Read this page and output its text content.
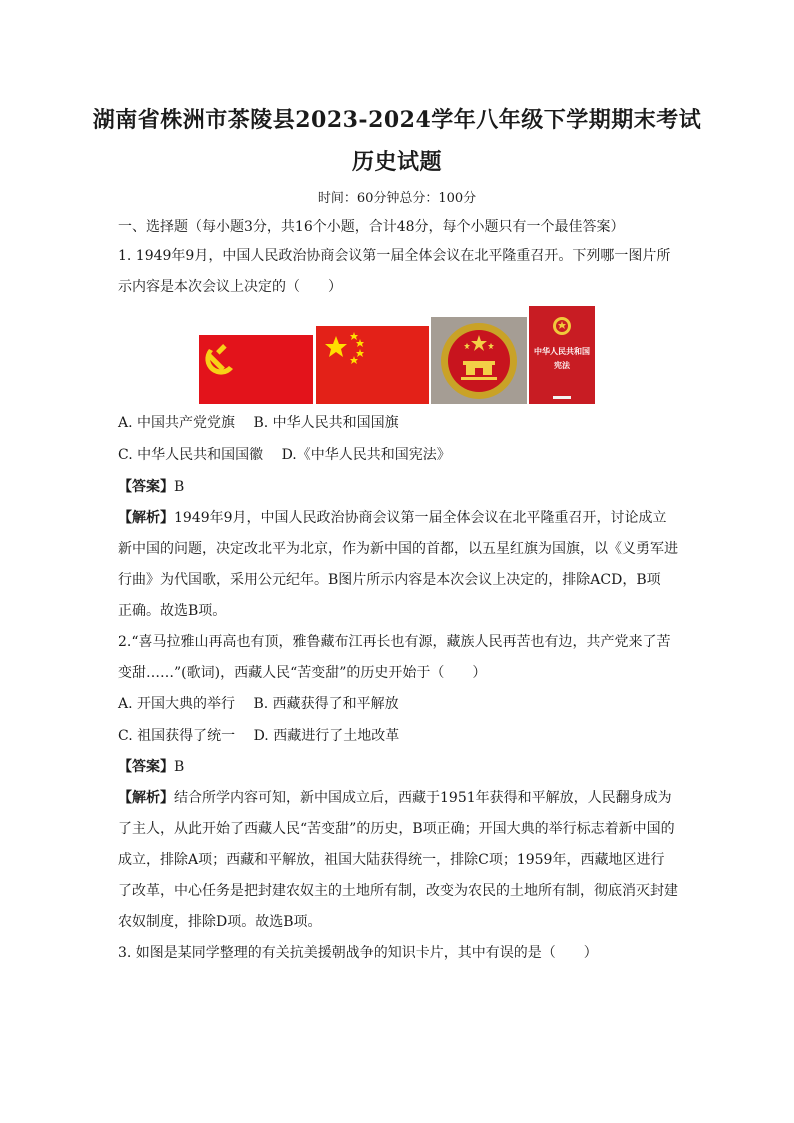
湖南省株洲市茶陵县2023-2024学年八年级下学期期末考试
历史试题
时间：60分钟总分：100分
一、选择题（每小题3分，共16个小题，合计48分，每个小题只有一个最佳答案）
1. 1949年9月，中国人民政治协商会议第一届全体会议在北平隆重召开。下列哪一图片所
示内容是本次会议上决定的（　　）
中华人民共和国
宪法
A. 中国共产党党旗　 B. 中华人民共和国国旗
C. 中华人民共和国国徽　 D.《中华人民共和国宪法》
【答案】B
【解析】1949年9月，中国人民政治协商会议第一届全体会议在北平隆重召开，讨论成立
新中国的问题，决定改北平为北京，作为新中国的首都，以五星红旗为国旗，以《义勇军进
行曲》为代国歌，采用公元纪年。B图片所示内容是本次会议上决定的，排除ACD，B项
正确。故选B项。
2.“喜马拉雅山再高也有顶，雅鲁藏布江再长也有源，藏族人民再苦也有边，共产党来了苦
变甜……”(歌词)，西藏人民“苦变甜”的历史开始于（　　）
A. 开国大典的举行　 B. 西藏获得了和平解放
C. 祖国获得了统一　 D. 西藏进行了土地改革
【答案】B
【解析】结合所学内容可知，新中国成立后，西藏于1951年获得和平解放，人民翻身成为
了主人，从此开始了西藏人民“苦变甜”的历史，B项正确；开国大典的举行标志着新中国的
成立，排除A项；西藏和平解放，祖国大陆获得统一，排除C项；1959年，西藏地区进行
了改革，中心任务是把封建农奴主的土地所有制，改变为农民的土地所有制，彻底消灭封建
农奴制度，排除D项。故选B项。
3. 如图是某同学整理的有关抗美援朝战争的知识卡片，其中有误的是（　　）
